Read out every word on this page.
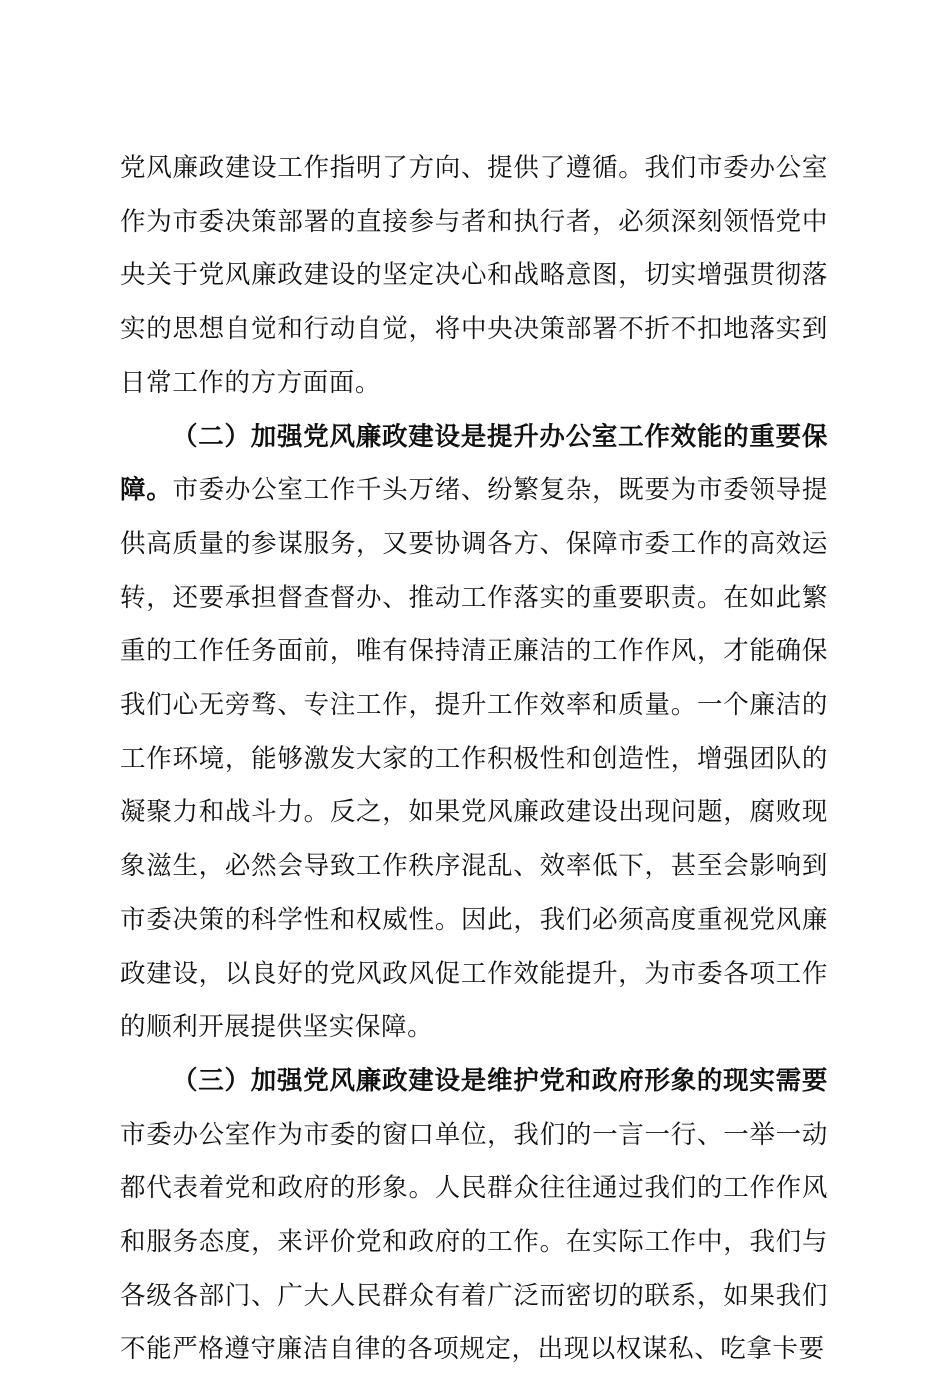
党风廉政建设工作指明了方向、提供了遵循。我们市委办公室作为市委决策部署的直接参与者和执行者，必须深刻领悟党中央关于党风廉政建设的坚定决心和战略意图，切实增强贯彻落实的思想自觉和行动自觉，将中央决策部署不折不扣地落实到日常工作的方方面面。

（二）加强党风廉政建设是提升办公室工作效能的重要保障。市委办公室工作千头万绪、纷繁复杂，既要为市委领导提供高质量的参谋服务，又要协调各方、保障市委工作的高效运转，还要承担督查督办、推动工作落实的重要职责。在如此繁重的工作任务面前，唯有保持清正廉洁的工作作风，才能确保我们心无旁骛、专注工作，提升工作效率和质量。一个廉洁的工作环境，能够激发大家的工作积极性和创造性，增强团队的凝聚力和战斗力。反之，如果党风廉政建设出现问题，腐败现象滋生，必然会导致工作秩序混乱、效率低下，甚至会影响到市委决策的科学性和权威性。因此，我们必须高度重视党风廉政建设，以良好的党风政风促工作效能提升，为市委各项工作的顺利开展提供坚实保障。

（三）加强党风廉政建设是维护党和政府形象的现实需要市委办公室作为市委的窗口单位，我们的一言一行、一举一动都代表着党和政府的形象。人民群众往往通过我们的工作作风和服务态度，来评价党和政府的工作。在实际工作中，我们与各级各部门、广大人民群众有着广泛而密切的联系，如果我们不能严格遵守廉洁自律的各项规定，出现以权谋私、吃拿卡要
